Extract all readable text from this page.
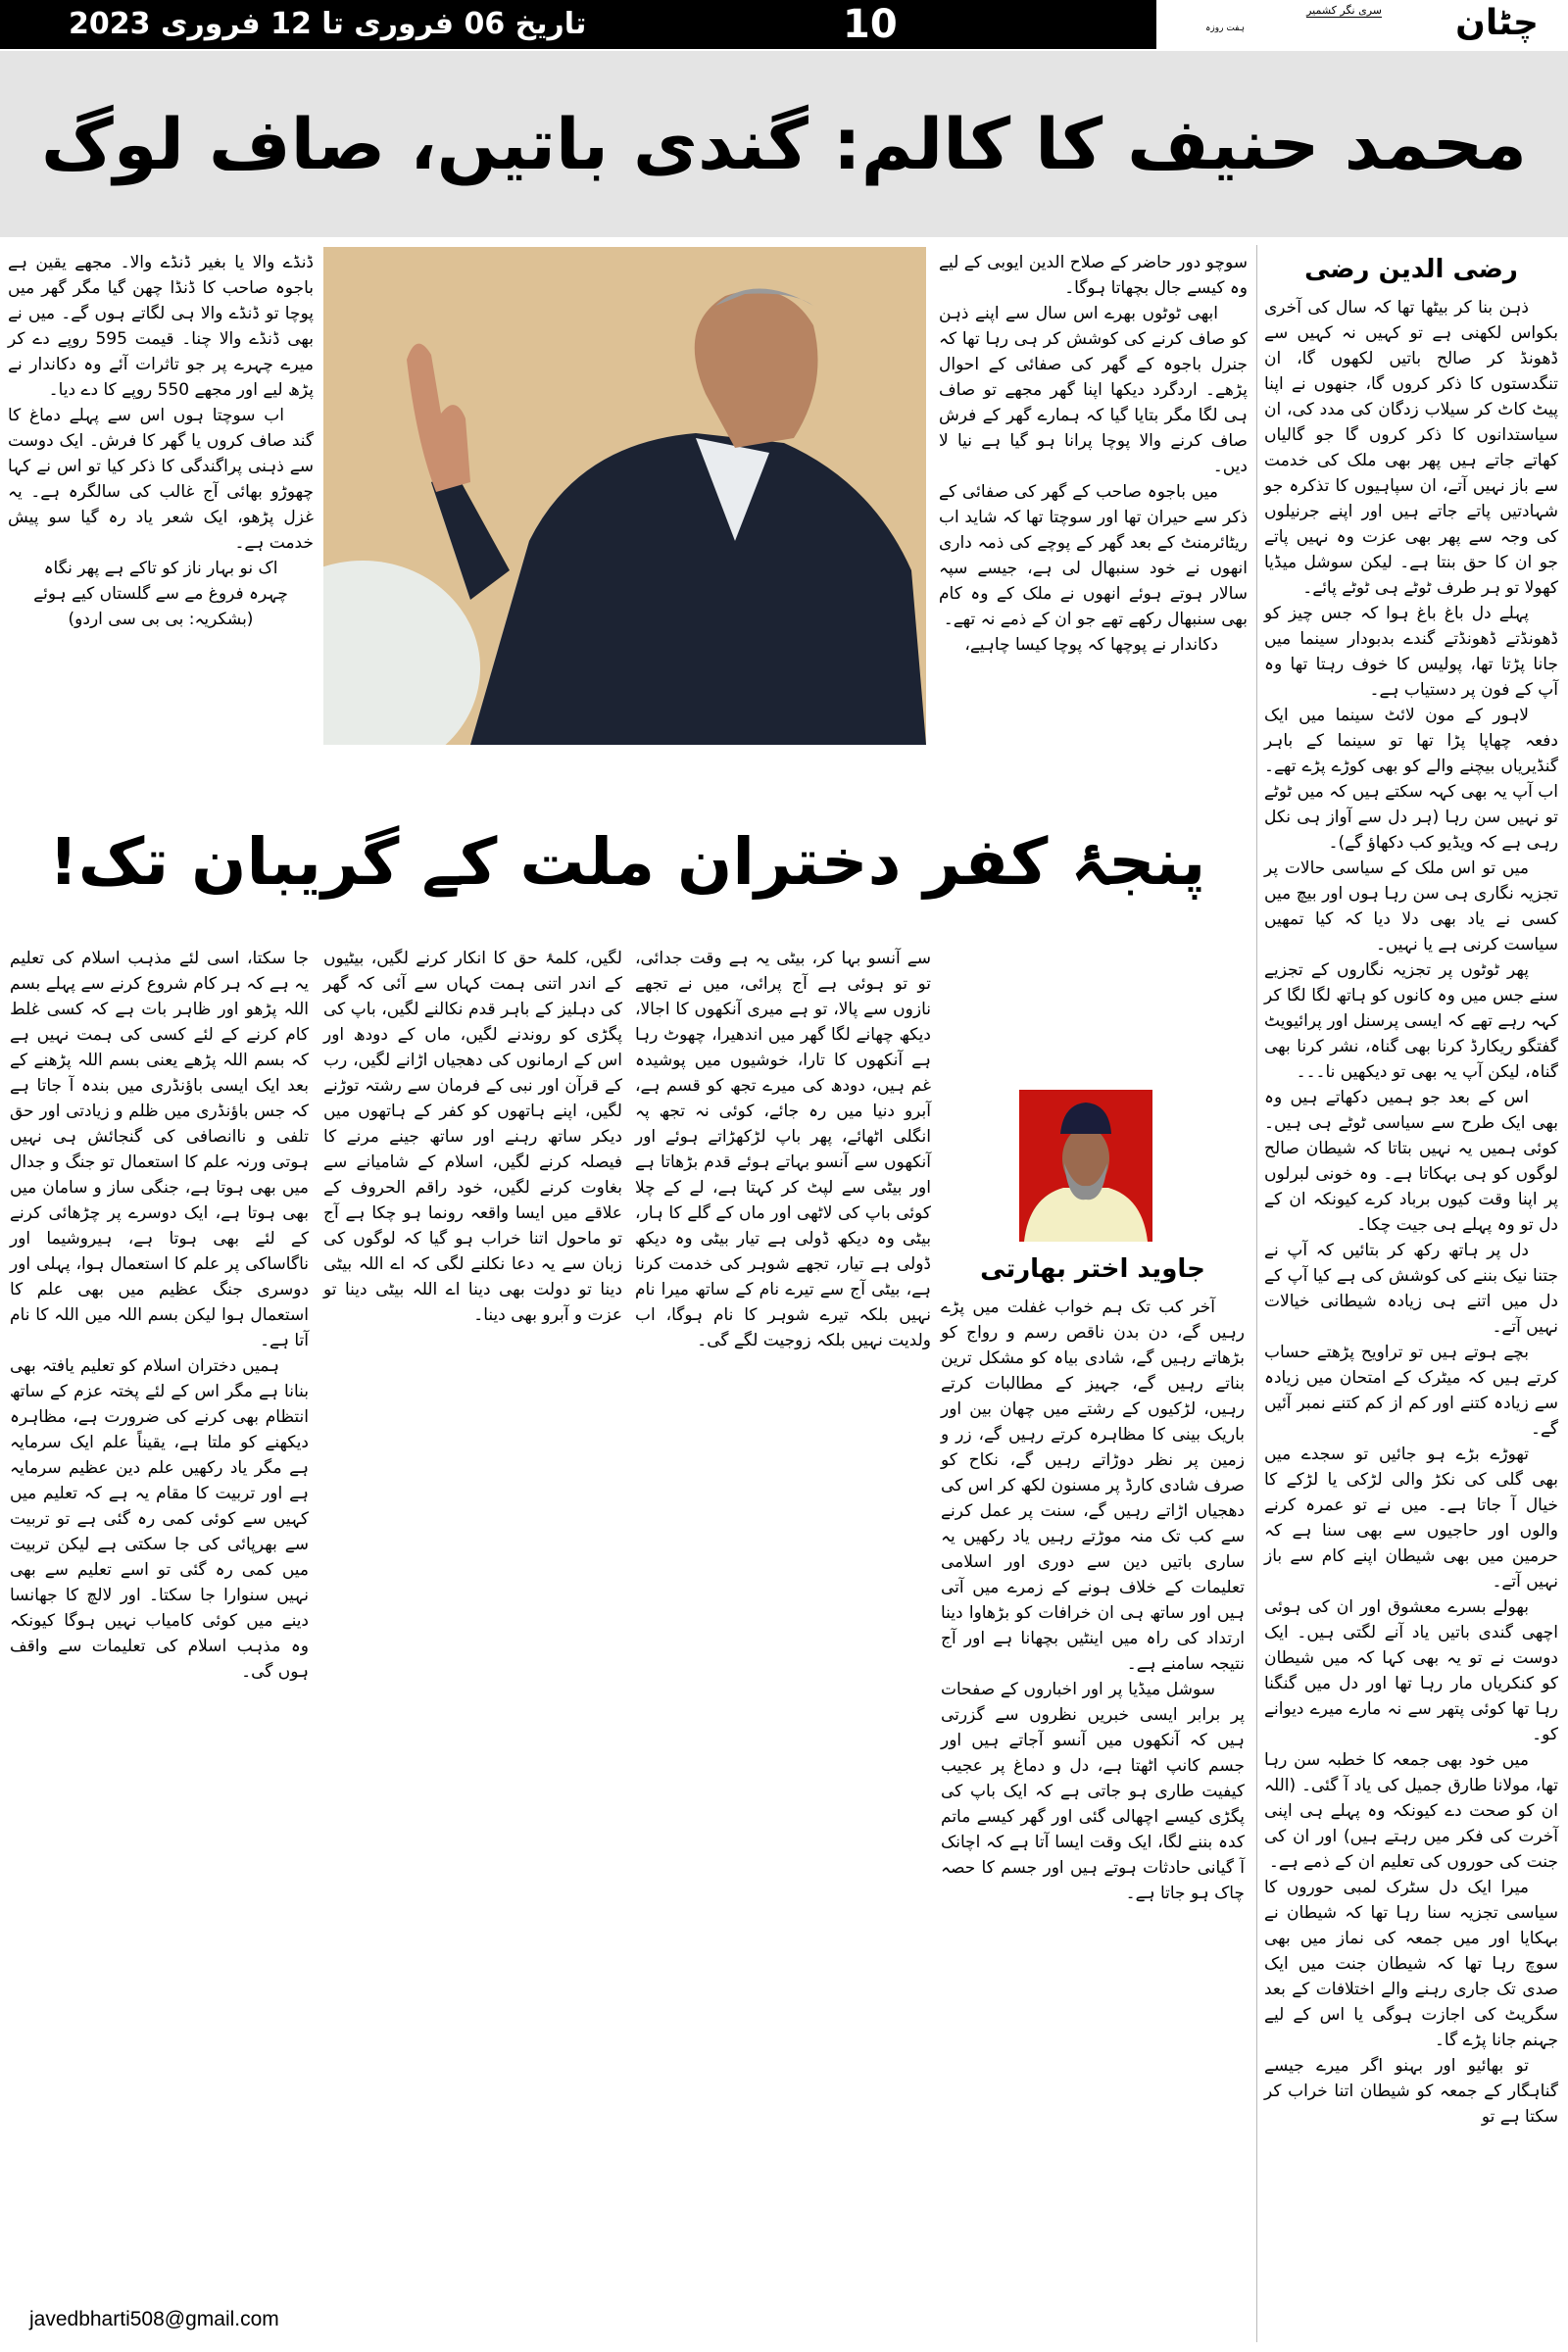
تاریخ 06 فروری تا 12 فروری 2023	10	ہفت روزہ
سری نگر کشمیر چٹان
محمد حنیف کا کالم: گندی باتیں، صاف لوگ
رضی الدین رضی

ذہن بنا کر بیٹھا تھا کہ سال کی آخری بکواس لکھنی ہے تو کہیں نہ کہیں سے ڈھونڈ کر صالح باتیں لکھوں گا، ان تنگدستوں کا ذکر کروں گا، جنھوں نے اپنا پیٹ کاٹ کر سیلاب زدگان کی مدد کی، ان سیاستدانوں کا ذکر کروں گا جو گالیاں کھاتے جاتے ہیں پھر بھی ملک کی خدمت سے باز نہیں آتے، ان سپاہیوں کا تذکرہ جو شہادتیں پاتے جاتے ہیں اور اپنے جرنیلوں کی وجہ سے پھر بھی عزت وہ نہیں پاتے جو ان کا حق بنتا ہے۔ لیکن سوشل میڈیا کھولا تو ہر طرف ٹوٹے ہی ٹوٹے پائے۔

پہلے دل باغ باغ ہوا کہ جس چیز کو ڈھونڈتے ڈھونڈتے گندے بدبودار سینما میں جانا پڑتا تھا، پولیس کا خوف رہتا تھا وہ آپ کے فون پر دستیاب ہے۔

لاہور کے مون لائٹ سینما میں ایک دفعہ چھاپا پڑا تھا تو سینما کے باہر گنڈیریاں بیچنے والے کو بھی کوڑے پڑے تھے۔ اب آپ یہ بھی کہہ سکتے ہیں کہ میں ٹوٹے تو نہیں سن رہا (ہر دل سے آواز ہی نکل رہی ہے کہ ویڈیو کب دکھاؤ گے)۔

میں تو اس ملک کے سیاسی حالات پر تجزیہ نگاری ہی سن رہا ہوں اور بیچ میں کسی نے یاد بھی دلا دیا کہ کیا تمھیں سیاست کرنی ہے یا نہیں۔

پھر ٹوٹوں پر تجزیہ نگاروں کے تجزیے سنے جس میں وہ کانوں کو ہاتھ لگا لگا کر کہہ رہے تھے کہ ایسی پرسنل اور پرائیویٹ گفتگو ریکارڈ کرنا بھی گناہ، نشر کرنا بھی گناہ، لیکن آپ یہ بھی تو دیکھیں نا۔۔۔

اس کے بعد جو ہمیں دکھاتے ہیں وہ بھی ایک طرح سے سیاسی ٹوٹے ہی ہیں۔ کوئی ہمیں یہ نہیں بتاتا کہ شیطان صالح لوگوں کو ہی بہکاتا ہے۔ وہ خونی لبرلوں پر اپنا وقت کیوں برباد کرے کیونکہ ان کے دل تو وہ پہلے ہی جیت چکا۔

دل پر ہاتھ رکھ کر بتائیں کہ آپ نے جتنا نیک بننے کی کوشش کی ہے کیا آپ کے دل میں اتنے ہی زیادہ شیطانی خیالات نہیں آتے۔

بچے ہوتے ہیں تو تراویح پڑھتے حساب کرتے ہیں کہ میٹرک کے امتحان میں زیادہ سے زیادہ کتنے اور کم از کم کتنے نمبر آئیں گے۔

تھوڑے بڑے ہو جائیں تو سجدے میں بھی گلی کی نکڑ والی لڑکی یا لڑکے کا خیال آ جاتا ہے۔ میں نے تو عمرہ کرنے والوں اور حاجیوں سے بھی سنا ہے کہ حرمین میں بھی شیطان اپنے کام سے باز نہیں آتے۔

بھولے بسرے معشوق اور ان کی ہوئی اچھی گندی باتیں یاد آنے لگتی ہیں۔ ایک دوست نے تو یہ بھی کہا کہ میں شیطان کو کنکریاں مار رہا تھا اور دل میں گنگنا رہا تھا کوئی پتھر سے نہ مارے میرے دیوانے کو۔

میں خود بھی جمعہ کا خطبہ سن رہا تھا، مولانا طارق جمیل کی یاد آ گئی۔ (اللہ ان کو صحت دے کیونکہ وہ پہلے ہی اپنی آخرت کی فکر میں رہتے ہیں) اور ان کی جنت کی حوروں کی تعلیم ان کے ذمے ہے۔

میرا ایک دل سٹرک لمبی حوروں کا سیاسی تجزیہ سنا رہا تھا کہ شیطان نے بہکایا اور میں جمعہ کی نماز میں بھی سوچ رہا تھا کہ شیطان جنت میں ایک صدی تک جاری رہنے والے اختلافات کے بعد سگریٹ کی اجازت ہوگی یا اس کے لیے جہنم جانا پڑے گا۔

تو بھائیو اور بہنو اگر میرے جیسے گناہگار کے جمعہ کو شیطان اتنا خراب کر سکتا ہے تو

سوچو دور حاضر کے صلاح الدین ایوبی کے لیے وہ کیسے جال بچھاتا ہوگا۔

ابھی ٹوٹوں بھرے اس سال سے اپنے ذہن کو صاف کرنے کی کوشش کر ہی رہا تھا کہ جنرل باجوہ کے گھر کی صفائی کے احوال پڑھے۔ اردگرد دیکھا اپنا گھر مجھے تو صاف ہی لگا مگر بتایا گیا کہ ہمارے گھر کے فرش صاف کرنے والا پوچا پرانا ہو گیا ہے نیا لا دیں۔

میں باجوہ صاحب کے گھر کی صفائی کے ذکر سے حیران تھا اور سوچتا تھا کہ شاید اب ریٹائرمنٹ کے بعد گھر کے پوچے کی ذمہ داری انھوں نے خود سنبھال لی ہے، جیسے سپہ سالار ہوتے ہوئے انھوں نے ملک کے وہ کام بھی سنبھال رکھے تھے جو ان کے ذمے نہ تھے۔

دکاندار نے پوچھا کہ پوچا کیسا چاہیے،

ڈنڈے والا یا بغیر ڈنڈے والا۔ مجھے یقین ہے باجوہ صاحب کا ڈنڈا چھن گیا مگر گھر میں پوچا تو ڈنڈے والا ہی لگاتے ہوں گے۔ میں نے بھی ڈنڈے والا چنا۔ قیمت 595 روپے دے کر میرے چہرے پر جو تاثرات آئے وہ دکاندار نے پڑھ لیے اور مجھے 550 روپے کا دے دیا۔

اب سوچتا ہوں اس سے پہلے دماغ کا گند صاف کروں یا گھر کا فرش۔ ایک دوست سے ذہنی پراگندگی کا ذکر کیا تو اس نے کہا چھوڑو بھائی آج غالب کی سالگرہ ہے۔ یہ غزل پڑھو، ایک شعر یاد رہ گیا سو پیش خدمت ہے۔

اک نو بہار ناز کو تاکے ہے پھر نگاہ

چہرہ فروغ مے سے گلستاں کیے ہوئے

(بشکریہ: بی بی سی اردو)

پنجۂ کفر دختران ملت کے گریبان تک!
جاوید اختر بھارتی

آخر کب تک ہم خواب غفلت میں پڑے رہیں گے، دن بدن ناقص رسم و رواج کو بڑھاتے رہیں گے، شادی بیاہ کو مشکل ترین بناتے رہیں گے، جہیز کے مطالبات کرتے رہیں، لڑکیوں کے رشتے میں چھان بین اور باریک بینی کا مظاہرہ کرتے رہیں گے، زر و زمین پر نظر دوڑاتے رہیں گے، نکاح کو صرف شادی کارڈ پر مسنون لکھ کر اس کی دھجیاں اڑاتے رہیں گے، سنت پر عمل کرنے سے کب تک منہ موڑتے رہیں یاد رکھیں یہ ساری باتیں دین سے دوری اور اسلامی تعلیمات کے خلاف ہونے کے زمرے میں آتی ہیں اور ساتھ ہی ان خرافات کو بڑھاوا دینا ارتداد کی راہ میں اینٹیں بچھانا ہے اور آج نتیجہ سامنے ہے۔

سوشل میڈیا پر اور اخباروں کے صفحات پر برابر ایسی خبریں نظروں سے گزرتی ہیں کہ آنکھوں میں آنسو آجاتے ہیں اور جسم کانپ اٹھتا ہے، دل و دماغ پر عجیب کیفیت طاری ہو جاتی ہے کہ ایک باپ کی پگڑی کیسے اچھالی گئی اور گھر کیسے ماتم کدہ بننے لگا، ایک وقت ایسا آتا ہے کہ اچانک آ گیانی حادثات ہوتے ہیں اور جسم کا حصہ چاک ہو جاتا ہے۔

سے آنسو بہا کر، بیٹی یہ ہے وقت جدائی، تو تو ہوئی ہے آج پرائی، میں نے تجھے نازوں سے پالا، تو ہے میری آنکھوں کا اجالا، دیکھ چھانے لگا گھر میں اندھیرا، چھوٹ رہا ہے آنکھوں کا تارا، خوشیوں میں پوشیدہ غم ہیں، دودھ کی میرے تجھ کو قسم ہے، آبرو دنیا میں رہ جائے، کوئی نہ تجھ پہ انگلی اٹھائے، پھر باپ لڑکھڑاتے ہوئے اور آنکھوں سے آنسو بہاتے ہوئے قدم بڑھاتا ہے اور بیٹی سے لپٹ کر کہتا ہے، لے کے چلا کوئی باپ کی لاٹھی اور ماں کے گلے کا ہار، بیٹی وہ دیکھ ڈولی ہے تیار بیٹی وہ دیکھ ڈولی ہے تیار، تجھے شوہر کی خدمت کرنا ہے، بیٹی آج سے تیرے نام کے ساتھ میرا نام نہیں بلکہ تیرے شوہر کا نام ہوگا، اب ولدیت نہیں بلکہ زوجیت لگے گی۔

لگیں، کلمۂ حق کا انکار کرنے لگیں، بیٹیوں کے اندر اتنی ہمت کہاں سے آئی کہ گھر کی دہلیز کے باہر قدم نکالنے لگیں، باپ کی پگڑی کو روندنے لگیں، ماں کے دودھ اور اس کے ارمانوں کی دھجیاں اڑانے لگیں، رب کے قرآن اور نبی کے فرمان سے رشتہ توڑنے لگیں، اپنے ہاتھوں کو کفر کے ہاتھوں میں دیکر ساتھ رہنے اور ساتھ جینے مرنے کا فیصلہ کرنے لگیں، اسلام کے شامیانے سے بغاوت کرنے لگیں، خود راقم الحروف کے علاقے میں ایسا واقعہ رونما ہو چکا ہے آج تو ماحول اتنا خراب ہو گیا کہ لوگوں کی زبان سے یہ دعا نکلنے لگی کہ اے اللہ بیٹی دینا تو دولت بھی دینا اے اللہ بیٹی دینا تو عزت و آبرو بھی دینا۔

جا سکتا، اسی لئے مذہب اسلام کی تعلیم یہ ہے کہ ہر کام شروع کرنے سے پہلے بسم اللہ پڑھو اور ظاہر بات ہے کہ کسی غلط کام کرنے کے لئے کسی کی ہمت نہیں ہے کہ بسم اللہ پڑھے یعنی بسم اللہ پڑھنے کے بعد ایک ایسی باؤنڈری میں بندہ آ جاتا ہے کہ جس باؤنڈری میں ظلم و زیادتی اور حق تلفی و ناانصافی کی گنجائش ہی نہیں ہوتی ورنہ علم کا استعمال تو جنگ و جدال میں بھی ہوتا ہے، جنگی ساز و سامان میں بھی ہوتا ہے، ایک دوسرے پر چڑھائی کرنے کے لئے بھی ہوتا ہے، ہیروشیما اور ناگاساکی پر علم کا استعمال ہوا، پہلی اور دوسری جنگ عظیم میں بھی علم کا استعمال ہوا لیکن بسم اللہ میں اللہ کا نام آتا ہے۔

ہمیں دختران اسلام کو تعلیم یافتہ بھی بنانا ہے مگر اس کے لئے پختہ عزم کے ساتھ انتظام بھی کرنے کی ضرورت ہے، مظاہرہ دیکھنے کو ملتا ہے، یقیناً علم ایک سرمایہ ہے مگر یاد رکھیں علم دین عظیم سرمایہ ہے اور تربیت کا مقام یہ ہے کہ تعلیم میں کہیں سے کوئی کمی رہ گئی ہے تو تربیت سے بھرپائی کی جا سکتی ہے لیکن تربیت میں کمی رہ گئی تو اسے تعلیم سے بھی نہیں سنوارا جا سکتا۔ اور لالچ کا جھانسا دینے میں کوئی کامیاب نہیں ہوگا کیونکہ وہ مذہب اسلام کی تعلیمات سے واقف ہوں گی۔

javedbharti508@gmail.com
